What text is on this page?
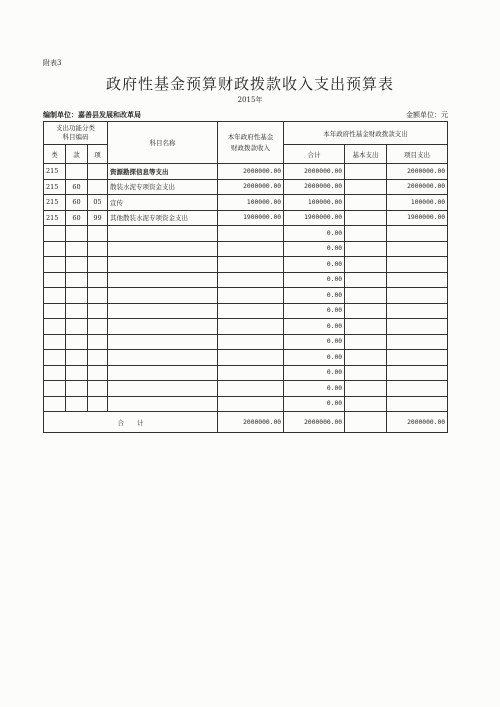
附表3
政府性基金预算财政拨款收入支出预算表
2015年
编制单位：嘉善县发展和改革局	金额单位：元
支出功能分类
科目编码			科目名称	本年政府性基金
财政拨款收入	本年政府性基金财政拨款支出		
类	款	项			合计	基本支出	项目支出
215			资源勘探信息等支出	2000000.00	2000000.00		2000000.00
215	60		散装水泥专项资金支出	2000000.00	2000000.00		2000000.00
215	60	05	宣传	100000.00	100000.00		100000.00
215	60	99	其他散装水泥专项资金支出	1900000.00	1900000.00		1900000.00
					0.00		
					0.00		
					0.00		
					0.00		
					0.00		
					0.00		
					0.00		
					0.00		
					0.00		
					0.00		
					0.00		
					0.00		
合　　计				2000000.00	2000000.00		2000000.00
